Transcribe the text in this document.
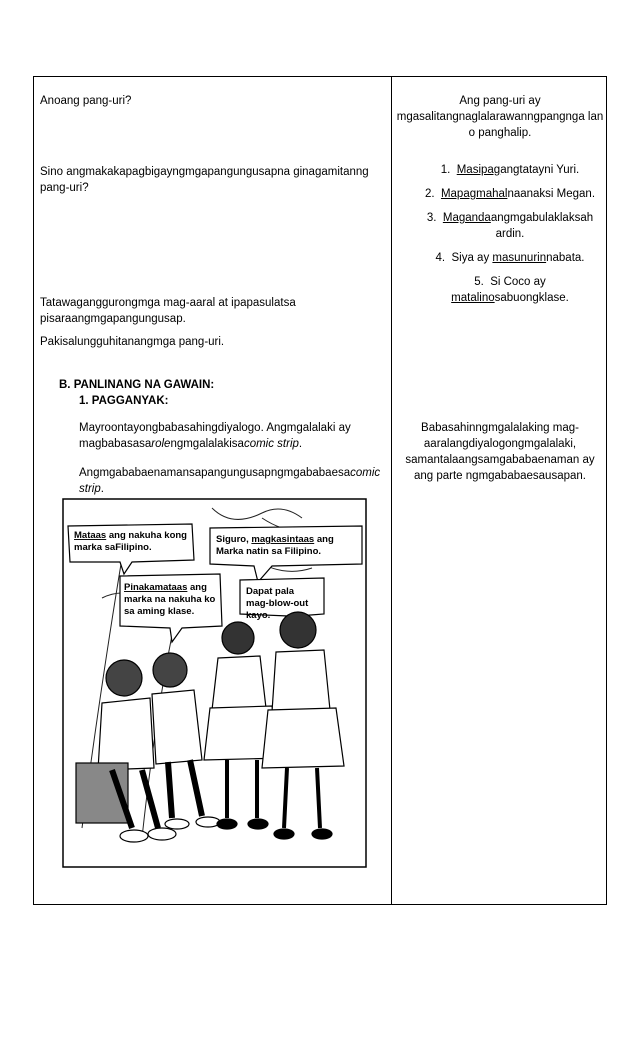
Anoang pang-uri?
Sino angmakakapagbigayngmgapangungusapna ginagamitanng pang-uri?
Tatawaganggurongmga mag-aaral at ipapasulatsa pisaraangmgapangungusap.
Pakisalungguhitanangmga pang-uri.
B. PANLINANG NA GAWAIN:
1. PAGGANYAK:
Mayroontayongbabasahingdiyalogo. Angmgalalaki ay magbabasasarolengmgalalakisacomic strip.
Angmgababaenamansapangungusapngmgababaesacomic strip.
Ang pang-uri ay mgasalitangnaglalarawanngpangnga lan o panghalip.
1. Masipagangtatayni Yuri.
2. Mapagmahalnaanaksi Megan.
3. Magandaangmgabulaklaksah ardin.
4. Siya ay masunurinnabata.
5. Si Coco ay matalinosabuongklase.
Babasahinngmgalalaking mag-aaralangdiyalogongmgalalaki, samantalaangsamgababaenaman ay ang parte ngmgababaesausapan.
Mataas ang nakuha kong marka saFilipino.
Siguro, magkasintaas ang Marka natin sa Filipino.
Pinakamataas ang marka na nakuha ko sa aming klase.
Dapat pala mag-blow-out kayo.
